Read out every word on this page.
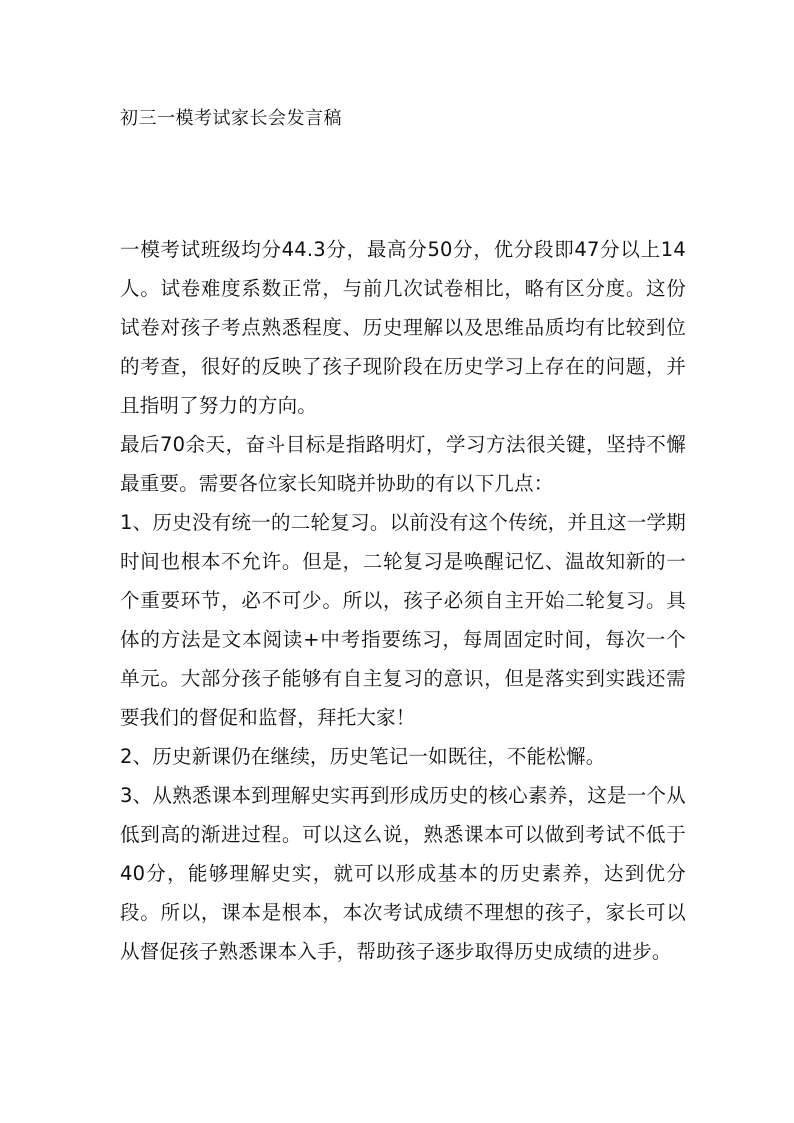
初三一模考试家长会发言稿

一模考试班级均分44.3分，最高分50分，优分段即47分以上14人。试卷难度系数正常，与前几次试卷相比，略有区分度。这份试卷对孩子考点熟悉程度、历史理解以及思维品质均有比较到位的考查，很好的反映了孩子现阶段在历史学习上存在的问题，并且指明了努力的方向。

最后70余天，奋斗目标是指路明灯，学习方法很关键，坚持不懈最重要。需要各位家长知晓并协助的有以下几点：

1、历史没有统一的二轮复习。以前没有这个传统，并且这一学期时间也根本不允许。但是，二轮复习是唤醒记忆、温故知新的一个重要环节，必不可少。所以，孩子必须自主开始二轮复习。具体的方法是文本阅读+中考指要练习，每周固定时间，每次一个单元。大部分孩子能够有自主复习的意识，但是落实到实践还需要我们的督促和监督，拜托大家！

2、历史新课仍在继续，历史笔记一如既往，不能松懈。

3、从熟悉课本到理解史实再到形成历史的核心素养，这是一个从低到高的渐进过程。可以这么说，熟悉课本可以做到考试不低于40分，能够理解史实，就可以形成基本的历史素养，达到优分段。所以，课本是根本，本次考试成绩不理想的孩子，家长可以从督促孩子熟悉课本入手，帮助孩子逐步取得历史成绩的进步。
